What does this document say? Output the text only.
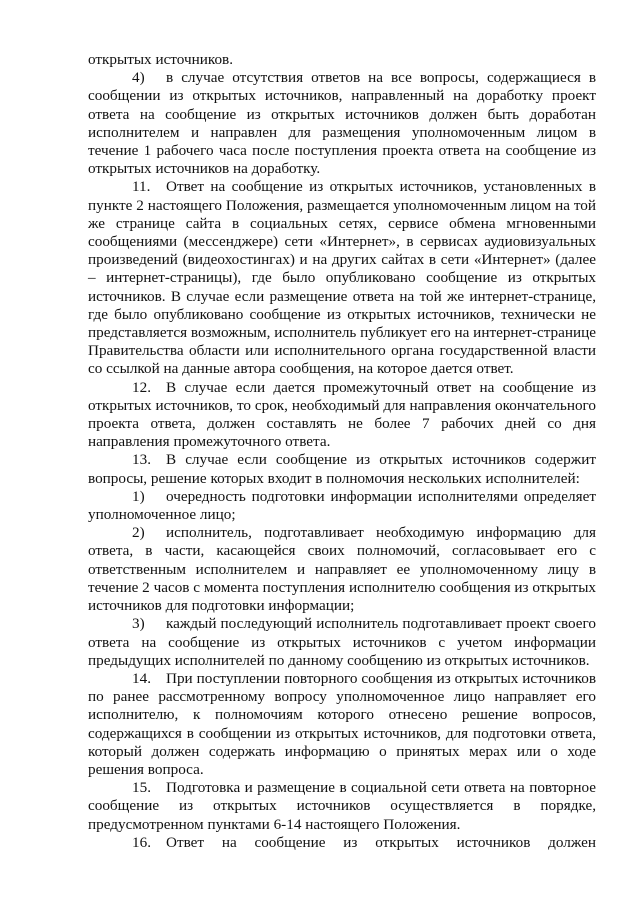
открытых источников.

4) в случае отсутствия ответов на все вопросы, содержащиеся в сообщении из открытых источников, направленный на доработку проект ответа на сообщение из открытых источников должен быть доработан исполнителем и направлен для размещения уполномоченным лицом в течение 1 рабочего часа после поступления проекта ответа на сообщение из открытых источников на доработку.

11. Ответ на сообщение из открытых источников, установленных в пункте 2 настоящего Положения, размещается уполномоченным лицом на той же странице сайта в социальных сетях, сервисе обмена мгновенными сообщениями (мессенджере) сети «Интернет», в сервисах аудиовизуальных произведений (видеохостингах) и на других сайтах в сети «Интернет» (далее – интернет-страницы), где было опубликовано сообщение из открытых источников. В случае если размещение ответа на той же интернет-странице, где было опубликовано сообщение из открытых источников, технически не представляется возможным, исполнитель публикует его на интернет-странице Правительства области или исполнительного органа государственной власти со ссылкой на данные автора сообщения, на которое дается ответ.

12. В случае если дается промежуточный ответ на сообщение из открытых источников, то срок, необходимый для направления окончательного проекта ответа, должен составлять не более 7 рабочих дней со дня направления промежуточного ответа.

13. В случае если сообщение из открытых источников содержит вопросы, решение которых входит в полномочия нескольких исполнителей:

1) очередность подготовки информации исполнителями определяет уполномоченное лицо;

2) исполнитель, подготавливает необходимую информацию для ответа, в части, касающейся своих полномочий, согласовывает его с ответственным исполнителем и направляет ее уполномоченному лицу в течение 2 часов с момента поступления исполнителю сообщения из открытых источников для подготовки информации;

3) каждый последующий исполнитель подготавливает проект своего ответа на сообщение из открытых источников с учетом информации предыдущих исполнителей по данному сообщению из открытых источников.

14. При поступлении повторного сообщения из открытых источников по ранее рассмотренному вопросу уполномоченное лицо направляет его исполнителю, к полномочиям которого отнесено решение вопросов, содержащихся в сообщении из открытых источников, для подготовки ответа, который должен содержать информацию о принятых мерах или о ходе решения вопроса.

15. Подготовка и размещение в социальной сети ответа на повторное сообщение из открытых источников осуществляется в порядке, предусмотренном пунктами 6-14 настоящего Положения.

16. Ответ на сообщение из открытых источников должен
